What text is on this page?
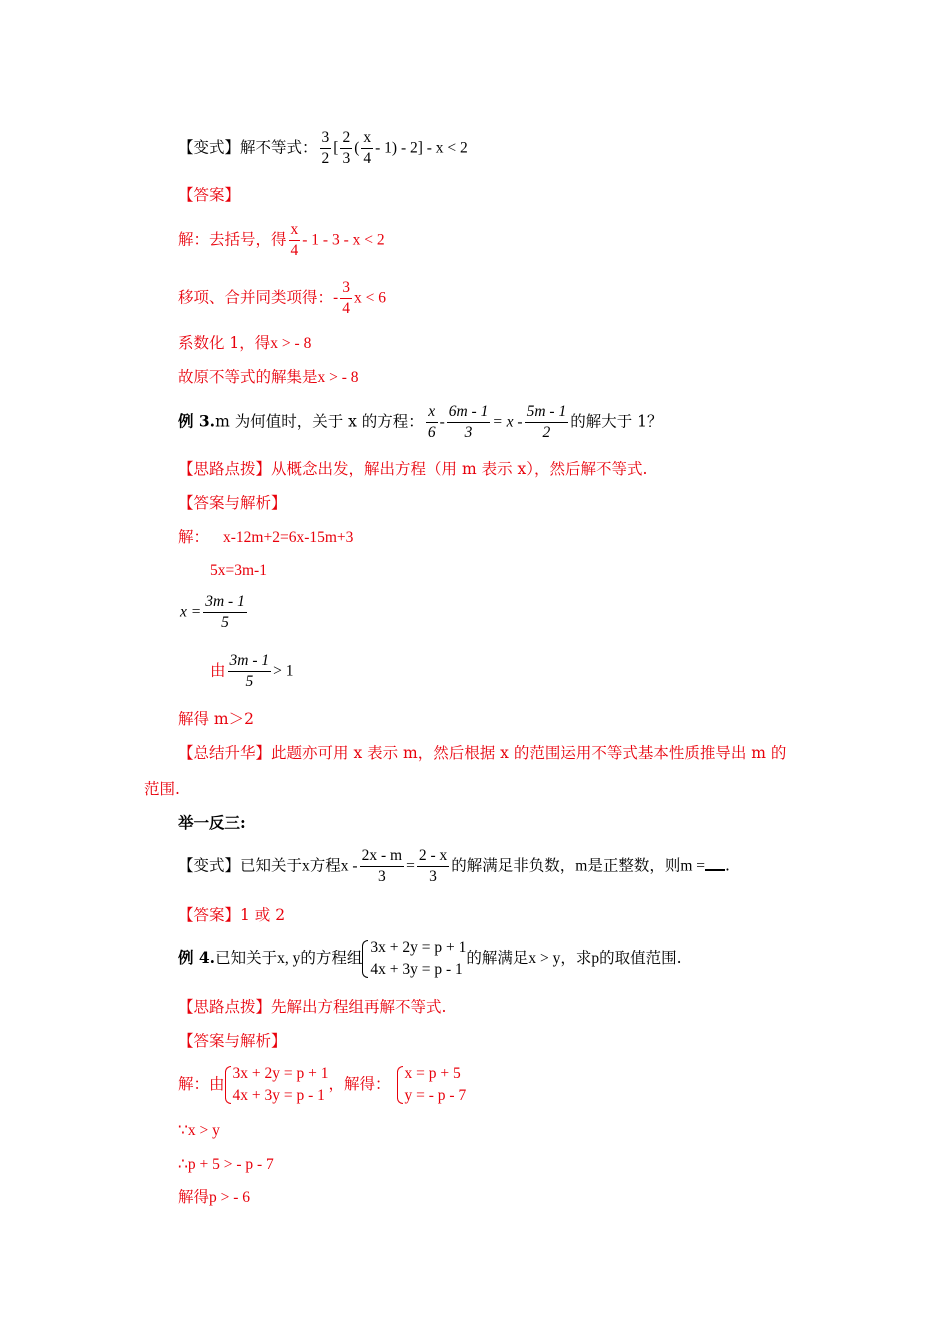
【变式】解不等式： $\frac{3}{2}$ [ $\frac{2}{3}$ ( $\frac{x}{4} - 1) - 2] - x < 2$
【答案】
解：去括号，得 $\frac{x}{4} - 1 - 3 - x < 2$
移项、合并同类项得：- $\frac{3}{4}$ x < 6
系数化 1，得x > - 8
故原不等式的解集是x > - 8
例 3.m 为何值时，关于 x 的方程： $\frac{x}{6} - \frac{6m - 1}{3} = x - \frac{5m - 1}{2}$ 的解大于 1？
【思路点拨】从概念出发，解出方程（用 m 表示 x），然后解不等式.
【答案与解析】
解： x-12m+2=6x-15m+3
5x=3m-1
$x = \frac{3m - 1}{5}$
由 $\frac{3m - 1}{5} > 1$
解得 m＞2
【总结升华】此题亦可用 x 表示 m，然后根据 x 的范围运用不等式基本性质推导出 m 的
范围.
举一反三:
【变式】已知关于x方程$x - \frac{2x - m}{3} = \frac{2 - x}{3}$ 的解满足非负数，m是正整数，则m = .
【答案】1 或 2
例 4.已知关于x, y的方程组
3x + 2y = p + 1
4x + 3y = p - 1
的解满足x > y，求p的取值范围.
【思路点拨】先解出方程组再解不等式.
【答案与解析】
解：由
3x + 2y = p + 1
4x + 3y = p - 1
，解得：
x = p + 5
y = - p - 7
∵x > y
∴p + 5 > - p - 7
解得p > - 6
